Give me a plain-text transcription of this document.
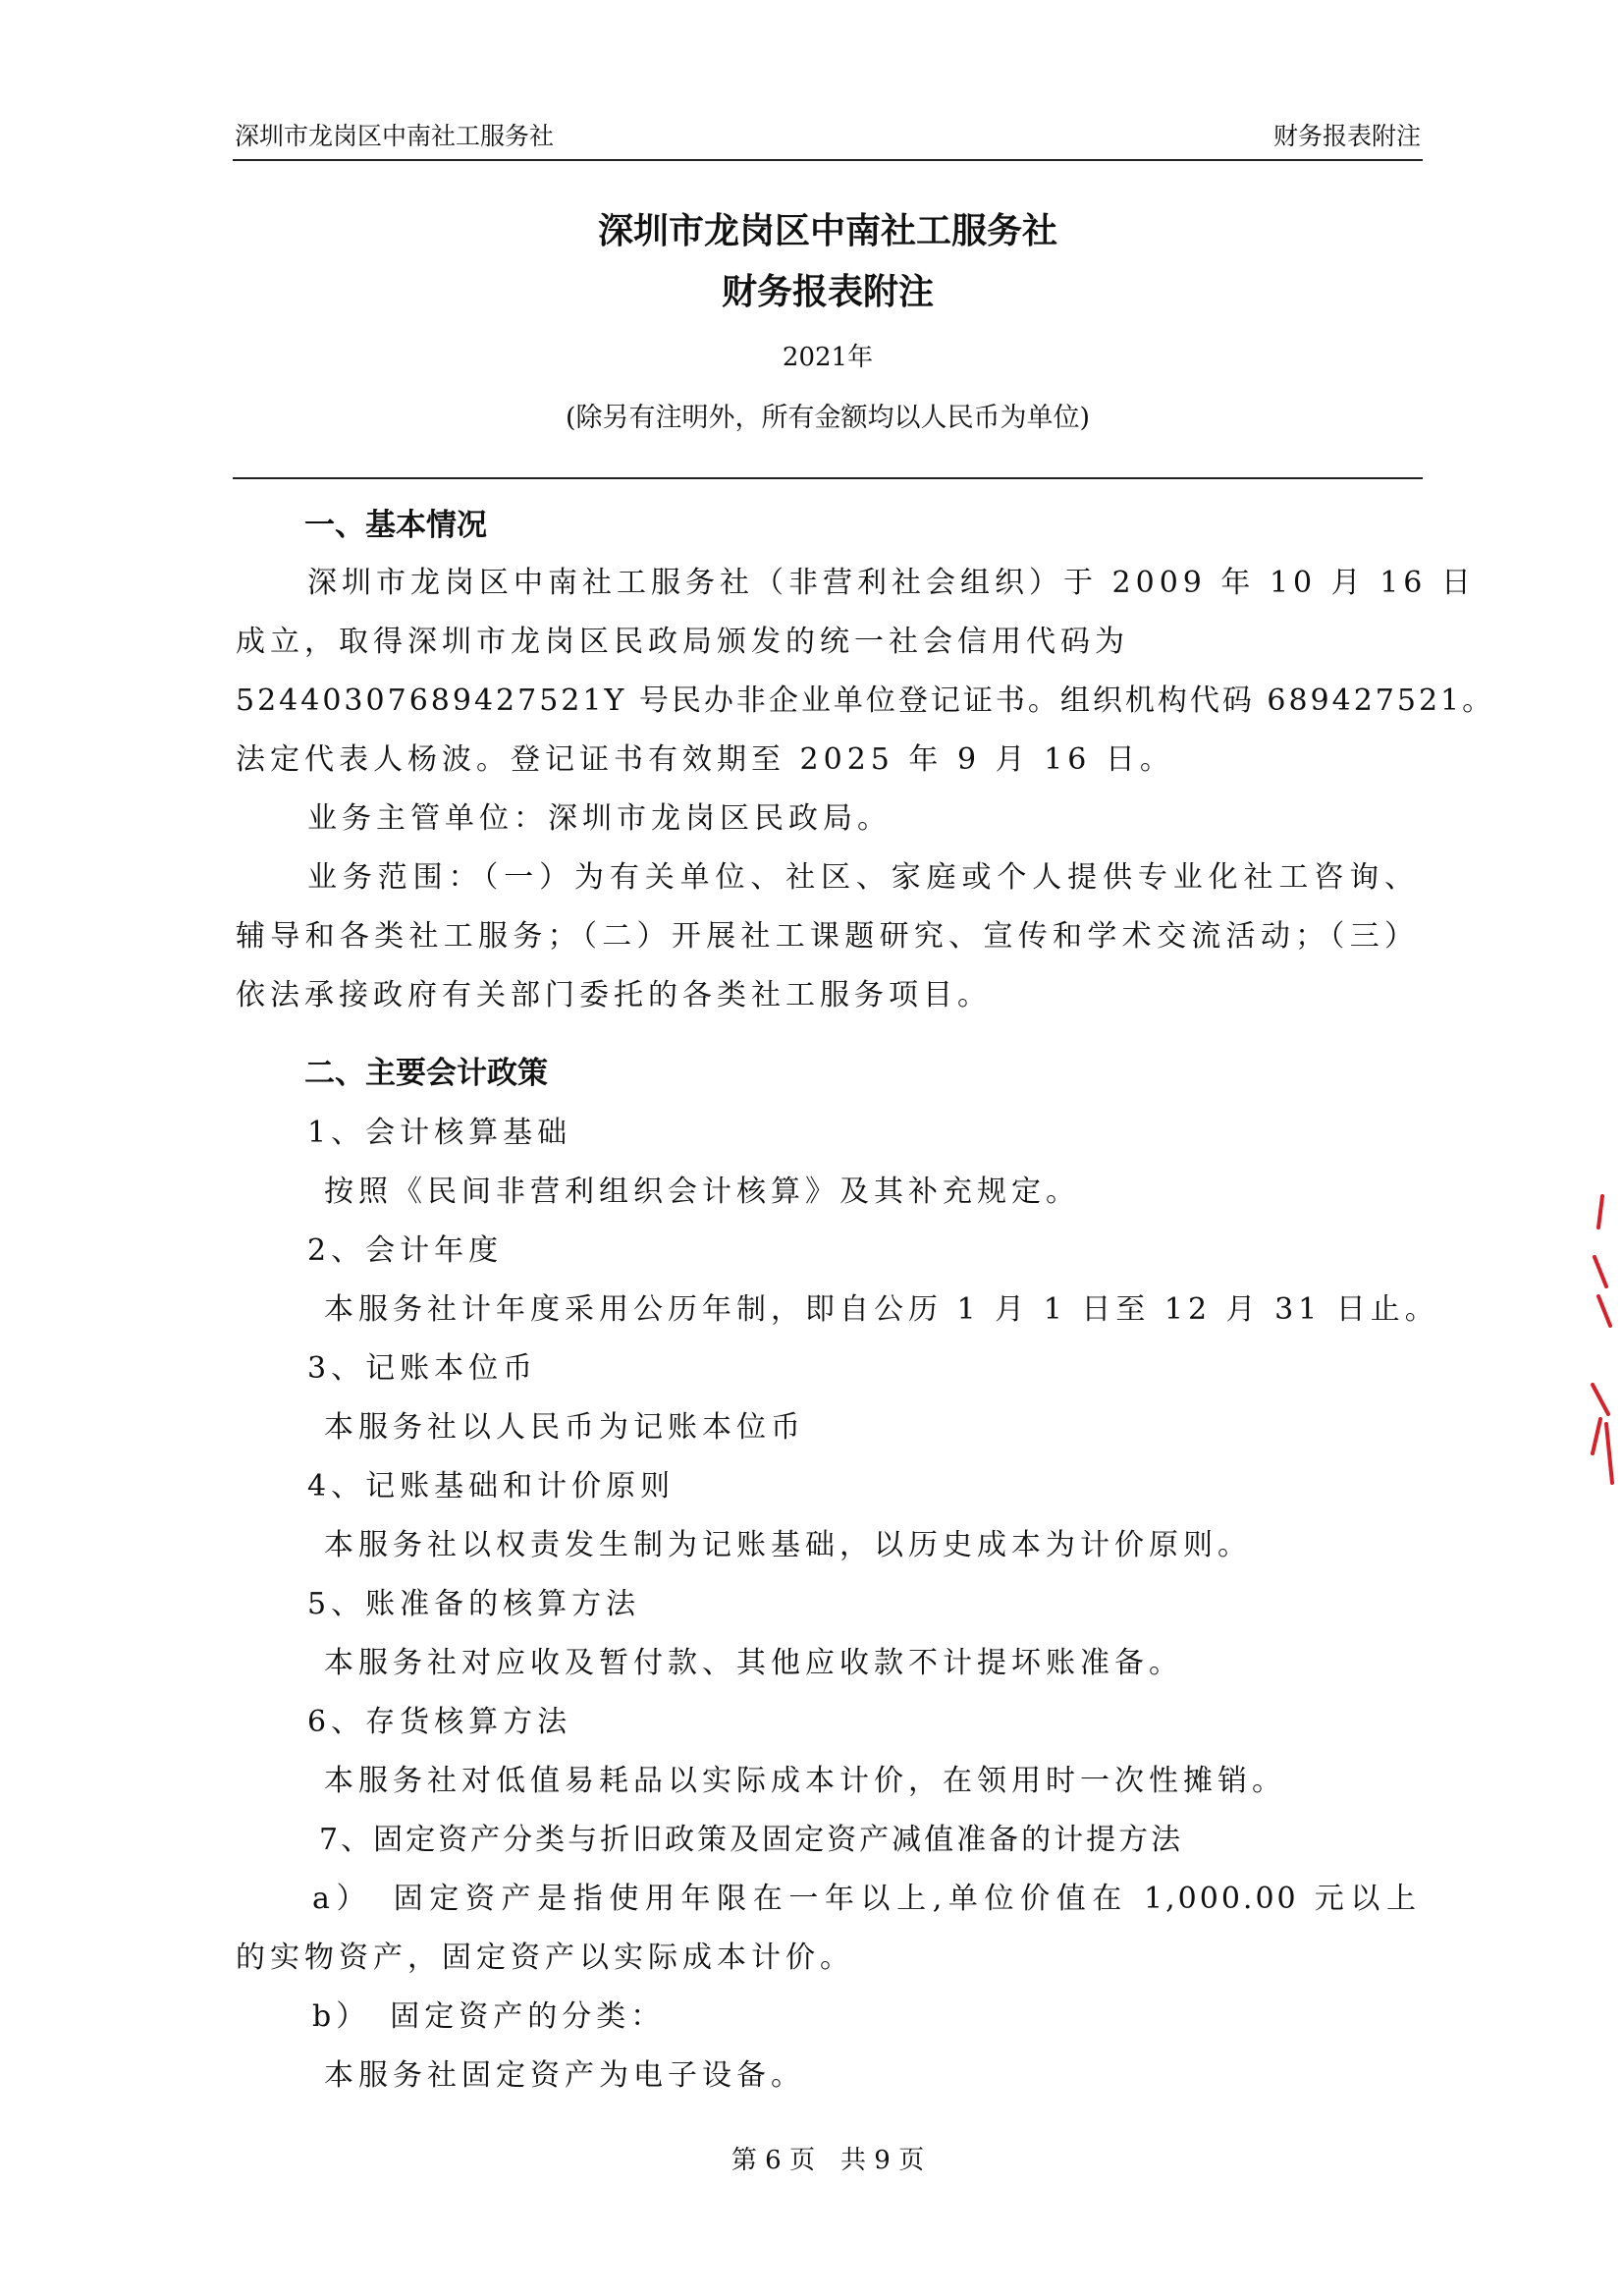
深圳市龙岗区中南社工服务社	财务报表附注
深圳市龙岗区中南社工服务社
财务报表附注
2021年
(除另有注明外，所有金额均以人民币为单位)
一、基本情况
深圳市龙岗区中南社工服务社（非营利社会组织）于 2009 年 10 月 16 日
成立，取得深圳市龙岗区民政局颁发的统一社会信用代码为
52440307689427521Y 号民办非企业单位登记证书。组织机构代码 689427521。
法定代表人杨波。登记证书有效期至 2025 年 9 月 16 日。
业务主管单位：深圳市龙岗区民政局。
业务范围：（一）为有关单位、社区、家庭或个人提供专业化社工咨询、
辅导和各类社工服务；（二）开展社工课题研究、宣传和学术交流活动；（三）
依法承接政府有关部门委托的各类社工服务项目。
二、主要会计政策
1、会计核算基础
按照《民间非营利组织会计核算》及其补充规定。
2、会计年度
本服务社计年度采用公历年制，即自公历 1 月 1 日至 12 月 31 日止。
3、记账本位币
本服务社以人民币为记账本位币
4、记账基础和计价原则
本服务社以权责发生制为记账基础，以历史成本为计价原则。
5、账准备的核算方法
本服务社对应收及暂付款、其他应收款不计提坏账准备。
6、存货核算方法
本服务社对低值易耗品以实际成本计价，在领用时一次性摊销。
7、固定资产分类与折旧政策及固定资产减值准备的计提方法
a）　固定资产是指使用年限在一年以上,单位价值在 1,000.00 元以上
的实物资产，固定资产以实际成本计价。
b）　固定资产的分类：
本服务社固定资产为电子设备。
第 6 页　共 9 页
